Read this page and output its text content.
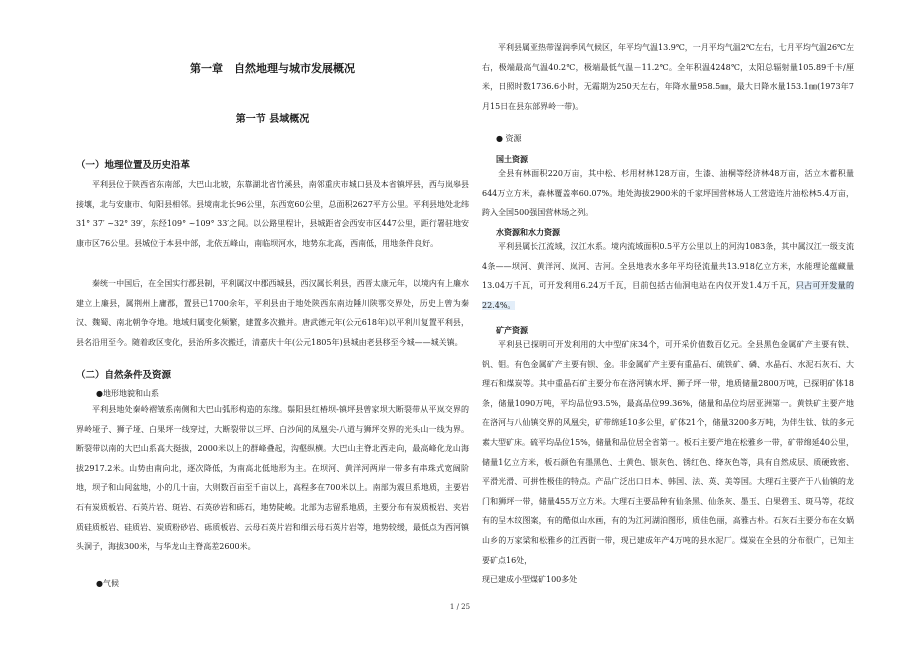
第一章　自然地理与城市发展概况
第一节 县域概况
（一）地理位置及历史沿革
平利县位于陕西省东南部，大巴山北坡，东靠湖北省竹溪县，南邻重庆市城口县及本省镇坪县，西与岚皋县接壤，北与安康市、旬阳县相邻。县境南北长96公里，东西宽60公里，总面积2627平方公里。平利县地处北纬31° 37′ ~32° 39′，东经109° ~109° 33′之间。以公路里程计，县城距省会西安市区447公里，距行署驻地安康市区76公里。县城位于本县中部，北依五峰山，南临坝河水，地势东北高，西南低，用地条件良好。
秦统一中国后，在全国实行郡县制，平利属汉中郡西城县，西汉属长利县，西晋太康元年，以境内有上廉水建立上廉县，属荆州上庸郡，置县已1700余年，平利县由于地处陕西东南边陲川陕鄂交界处，历史上曾为秦汉、魏蜀、南北朝争夺地。地域归属变化频繁，建置多次撤并。唐武德元年(公元618年)以平利川复置平利县，县名沿用至今。随着政区变化，县治所多次搬迁，清嘉庆十年(公元1805年)县城由老县移至今城——城关镇。
（二）自然条件及资源
●地形地貌和山系
平利县地处秦岭褶皱系南侧和大巴山弧形构造的东缘。鬃阳县红椿坝-镇坪县曾家坝大断裂带从平岚交界的界岭垭子、狮子垭、白果坪一线穿过，大断裂带以三坪、白沙间的凤凰尖-八道与狮坪交界的光头山一线为界。断裂带以南的大巴山系高大挺拔，2000米以上的群峰叠起，沟壑纵横。大巴山主脊北西走向，最高峰化龙山海拔2917.2米。山势由南向北，逐次降低，为南高北低地形为主。在坝河、黄洋河两岸一带多有串珠式宽阔阶地，坝子和山间盆地，小的几十亩，大则数百亩至千亩以上，高程多在700米以上。南部为震旦系地质，主要岩石有炭质板岩、石英片岩、斑岩、石英砂岩和砾石，地势陡峻。北部为志留系地质，主要分布有炭质板岩、夹岩质硅质板岩、硅质岩、炭质粉砂岩、砾质板岩、云母石英片岩和细云母石英片岩等，地势较缓，最低点为西河镇头洞子，海拔300米，与华龙山主脊高差2600米。
●气候
平利县属亚热带湿润季风气候区，年平均气温13.9℃，一月平均气温2℃左右，七月平均气温26℃左右，极端最高气温40.2℃，极端最低气温－11.2℃。全年积温4248℃，太阳总辐射量105.89千卡/厘米，日照时数1736.6小时，无霜期为250天左右，年降水量958.5㎜，最大日降水量153.1㎜(1973年7月15日在县东部界岭一带)。
● 资源
国土资源
全县有林面积220万亩，其中松、杉用材林128万亩，生漆、油桐等经济林48万亩，活立木蓄积量644万立方米，森林覆盖率60.07%。地处海拔2900米的千家坪国营林场人工营造连片油松林5.4万亩，跨入全国500强国营林场之列。
水资源和水力资源
平利县属长江流域，汉江水系。境内流域面积0.5平方公里以上的河沟1083条，其中属汉江一级支流4条——坝河、黄洋河、岚河、吉河。全县地表水多年平均径流量共13.918亿立方米，水能理论蕴藏量13.04万千瓦，可开发利用6.24万千瓦，目前包括古仙洞电站在内仅开发1.4万千瓦，只占可开发量的22.4%。
矿产资源
平利县已探明可开发利用的大中型矿床34个，可开采价值数百亿元。全县黑色金属矿产主要有铁、钒、钼。有色金属矿产主要有钡、金。非金属矿产主要有重晶石、硫铁矿、磷、水晶石、水泥石灰石、大理石和煤炭等。其中重晶石矿主要分布在洛河镇水坪、狮子坪一带，地质储量2800万吨，已探明矿体18条，储量1090万吨，平均品位93.5%，最高品位99.36%，储量和品位均居亚洲第一。黄铁矿主要产地在洛河与八仙镇交界的风凰尖，矿带绵延10多公里，矿体21个，储量3200多万吨，为伴生钛、钛的多元素大型矿床。硫平均品位15%，储量和品位居全省第一。板石主要产地在松雅乡一带，矿带绵延40公里，储量1亿立方米，板石颜色有墨黑色、土黄色、银灰色、锈红色、绛灰色等，具有自然成层、质硬致密、平滑光滑、可拼性极佳的特点。产品广泛出口日本、韩国、法、英、美等国。大理石主要产于八仙镇的龙门和狮坪一带，储量455万立方米。大理石主要品种有仙条黑、仙条灰、墨玉、白果碧玉、斑马等，花纹有的呈木纹图案，有的酷似山水画，有的为江河湖泊图形，质佳色丽，高雅古朴。石灰石主要分布在女娲山乡的万家梁和松雅乡的江西街一带，现已建成年产4万吨的县水泥厂。煤炭在全县的分布很广，已知主要矿点16处，
现已建成小型煤矿100多处
1 / 25
